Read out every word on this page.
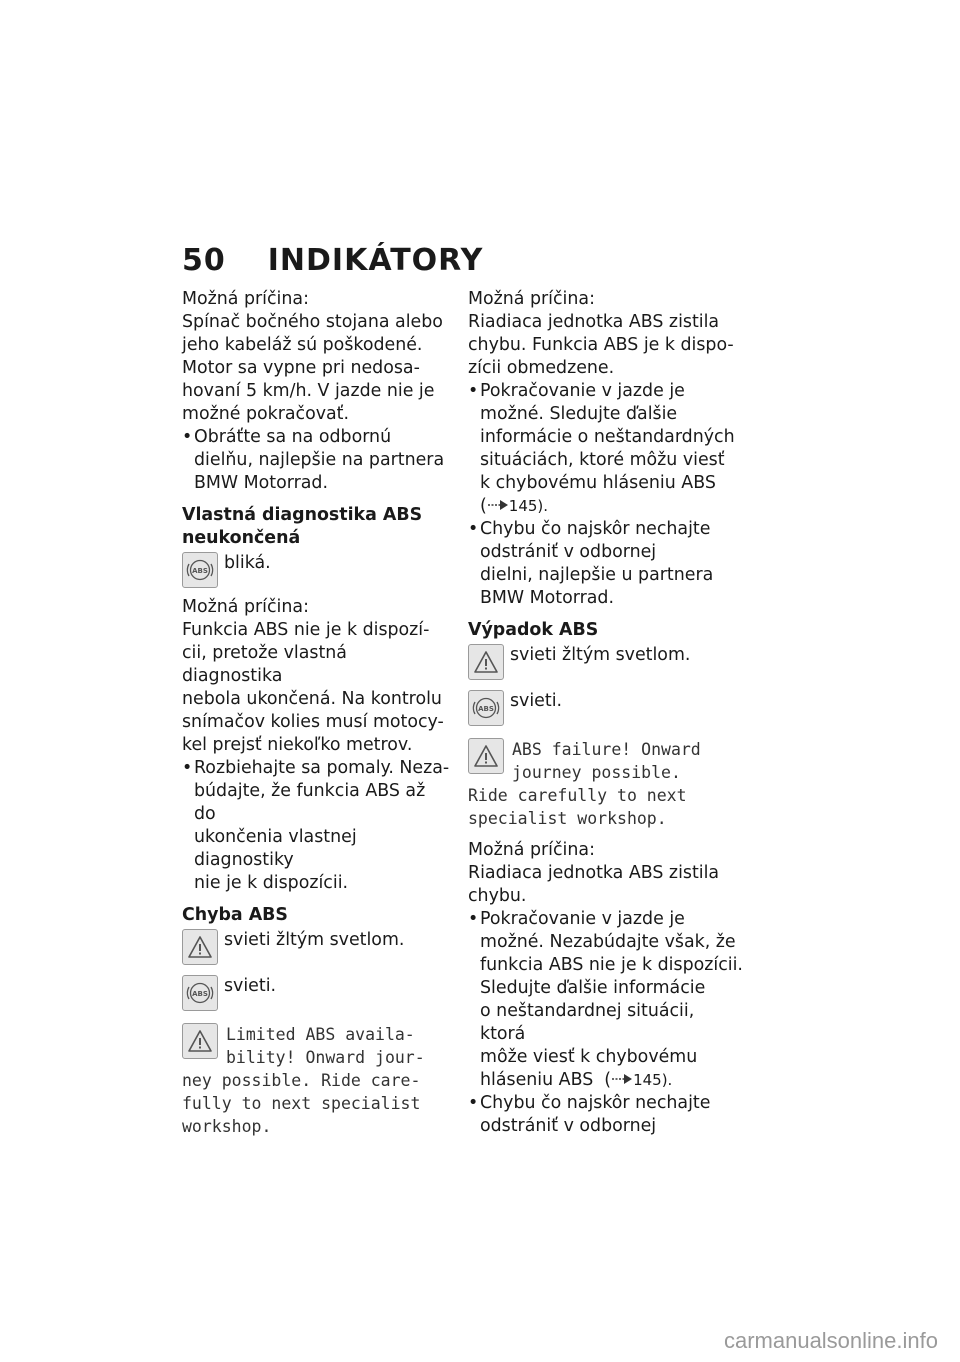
50 INDIKÁTORY

Možná príčina:

Spínač bočného stojana alebo
jeho kabeláž sú poškodené.
Motor sa vypne pri nedosa-
hovaní 5 km/h. V jazde nie je
možné pokračovať.

• Obráťte sa na odbornú
dielňu, najlepšie na partnera
BMW Motorrad.

Vlastná diagnostika ABS
neukončená

ABS bliká.

Možná príčina:

Funkcia ABS nie je k dispozí-
cii, pretože vlastná diagnostika
nebola ukončená. Na kontrolu
snímačov kolies musí motocy-
kel prejsť niekoľko metrov.

• Rozbiehajte sa pomaly. Neza-
búdajte, že funkcia ABS až do
ukončenia vlastnej diagnostiky
nie je k dispozícii.

Chyba ABS

svieti žltým svetlom.
ABS svieti.
Limited ABS availa-
bility! Onward jour-
ney possible. Ride care-
fully to next specialist
workshop.

Možná príčina:

Riadiaca jednotka ABS zistila
chybu. Funkcia ABS je k dispo-
zícii obmedzene.

• Pokračovanie v jazde je
možné. Sledujte ďalšie
informácie o neštandardných
situáciách, ktoré môžu viesť
k chybovému hláseniu ABS
( 145).

• Chybu čo najskôr nechajte
odstrániť v odbornej
dielni, najlepšie u partnera
BMW Motorrad.

Výpadok ABS

svieti žltým svetlom.
ABS svieti.
ABS failure! Onward
journey possible.
Ride carefully to next
specialist workshop.

Možná príčina:

Riadiaca jednotka ABS zistila
chybu.

• Pokračovanie v jazde je
možné. Nezabúdajte však, že
funkcia ABS nie je k dispozícii.
Sledujte ďalšie informácie
o neštandardnej situácii, ktorá
môže viesť k chybovému
hláseniu ABS  ( 145).

• Chybu čo najskôr nechajte
odstrániť v odbornej

carmanualsonline.info
